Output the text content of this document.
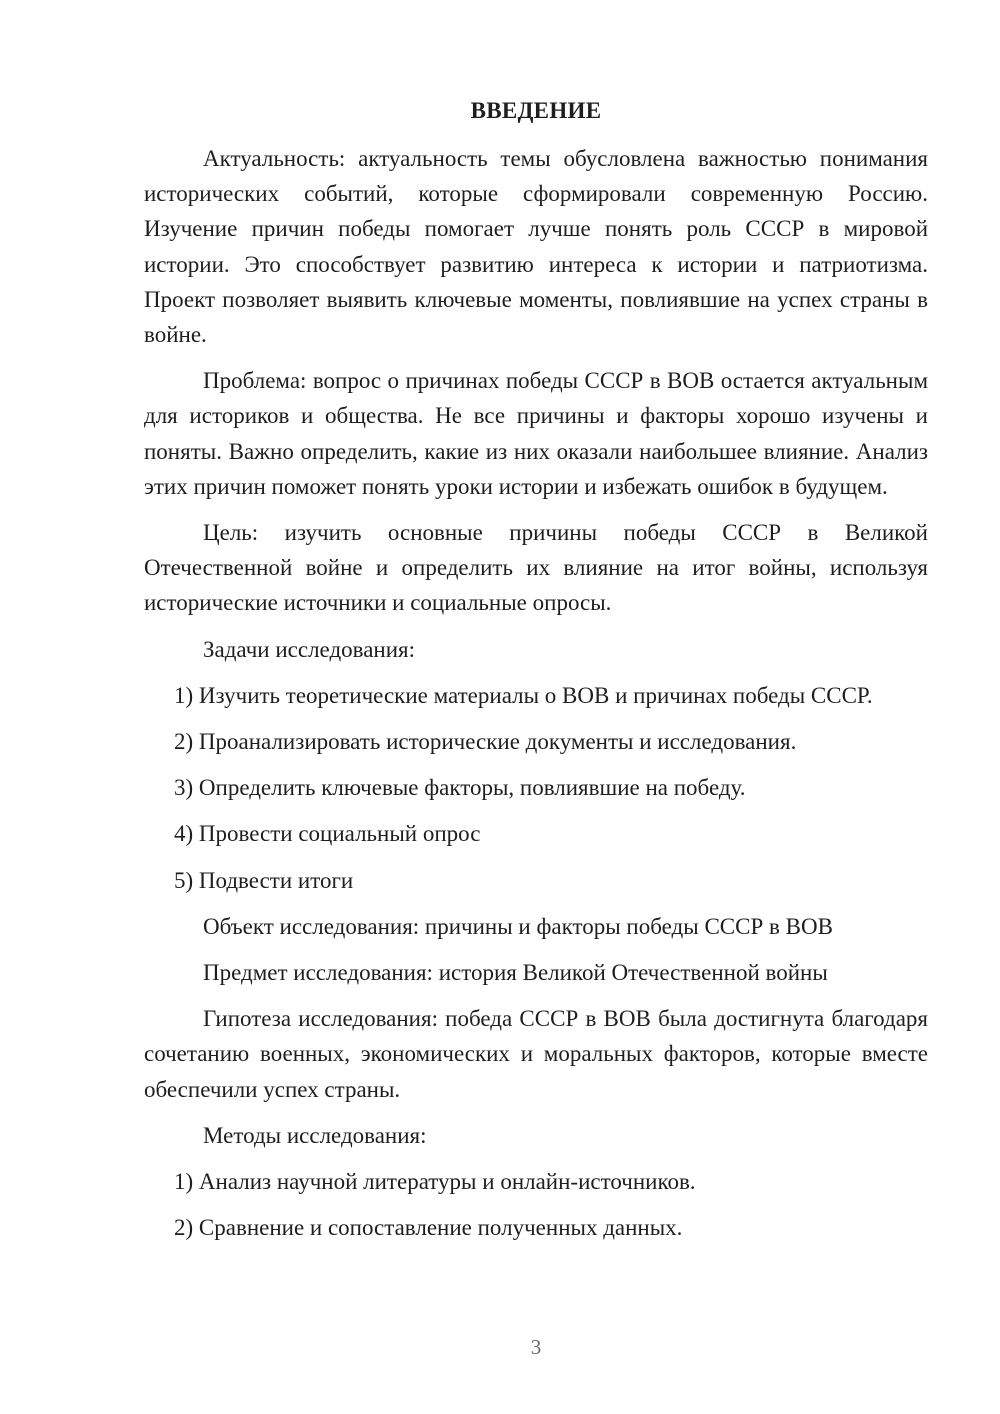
ВВЕДЕНИЕ

Актуальность: актуальность темы обусловлена важностью понимания исторических событий, которые сформировали современную Россию. Изучение причин победы помогает лучше понять роль СССР в мировой истории. Это способствует развитию интереса к истории и патриотизма. Проект позволяет выявить ключевые моменты, повлиявшие на успех страны в войне.

Проблема: вопрос о причинах победы СССР в ВОВ остается актуальным для историков и общества. Не все причины и факторы хорошо изучены и поняты. Важно определить, какие из них оказали наибольшее влияние. Анализ этих причин поможет понять уроки истории и избежать ошибок в будущем.

Цель: изучить основные причины победы СССР в Великой Отечественной войне и определить их влияние на итог войны, используя исторические источники и социальные опросы.

Задачи исследования:

1) Изучить теоретические материалы о ВОВ и причинах победы СССР.

2) Проанализировать исторические документы и исследования.

3) Определить ключевые факторы, повлиявшие на победу.

4) Провести социальный опрос

5) Подвести итоги

Объект исследования: причины и факторы победы СССР в ВОВ

Предмет исследования: история Великой Отечественной войны

Гипотеза исследования: победа СССР в ВОВ была достигнута благодаря сочетанию военных, экономических и моральных факторов, которые вместе обеспечили успех страны.

Методы исследования:

1) Анализ научной литературы и онлайн-источников.

2) Сравнение и сопоставление полученных данных.

3
